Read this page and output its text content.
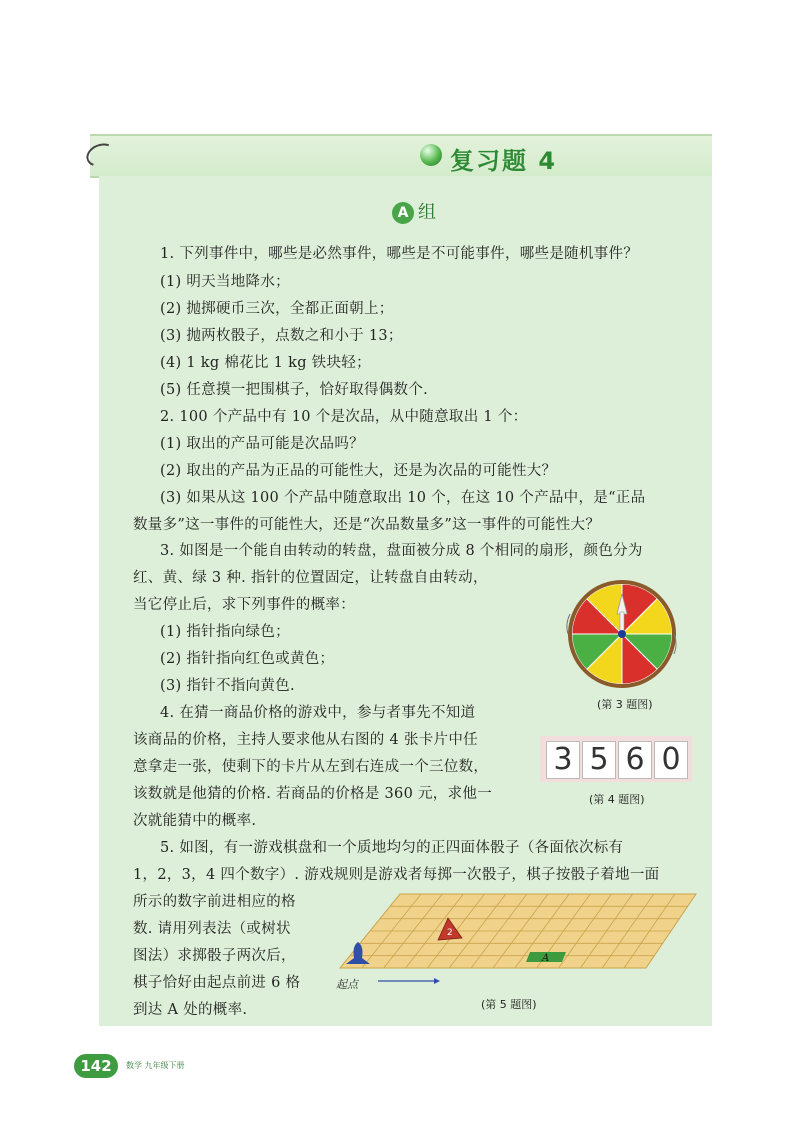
复习题 4
A 组
1. 下列事件中，哪些是必然事件，哪些是不可能事件，哪些是随机事件？
(1) 明天当地降水；
(2) 抛掷硬币三次，全都正面朝上；
(3) 抛两枚骰子，点数之和小于 13；
(4) 1 kg 棉花比 1 kg 铁块轻；
(5) 任意摸一把围棋子，恰好取得偶数个.
2. 100 个产品中有 10 个是次品，从中随意取出 1 个：
(1) 取出的产品可能是次品吗？
(2) 取出的产品为正品的可能性大，还是为次品的可能性大？
(3) 如果从这 100 个产品中随意取出 10 个，在这 10 个产品中，是“正品
数量多”这一事件的可能性大，还是“次品数量多”这一事件的可能性大？
3. 如图是一个能自由转动的转盘，盘面被分成 8 个相同的扇形，颜色分为
红、黄、绿 3 种. 指针的位置固定，让转盘自由转动，
当它停止后，求下列事件的概率：
(1) 指针指向绿色；
(2) 指针指向红色或黄色；
(3) 指针不指向黄色.
4. 在猜一商品价格的游戏中，参与者事先不知道
该商品的价格，主持人要求他从右图的 4 张卡片中任
意拿走一张，使剩下的卡片从左到右连成一个三位数，
该数就是他猜的价格. 若商品的价格是 360 元，求他一
次就能猜中的概率.
5. 如图，有一游戏棋盘和一个质地均匀的正四面体骰子（各面依次标有
1，2，3，4 四个数字）. 游戏规则是游戏者每掷一次骰子，棋子按骰子着地一面
所示的数字前进相应的格
数. 请用列表法（或树状
图法）求掷骰子两次后，
棋子恰好由起点前进 6 格
到达 A 处的概率.
(第 3 题图)
3 5 6 0
(第 4 题图)
A
2
起点
(第 5 题图)
142	数学 九年级下册
